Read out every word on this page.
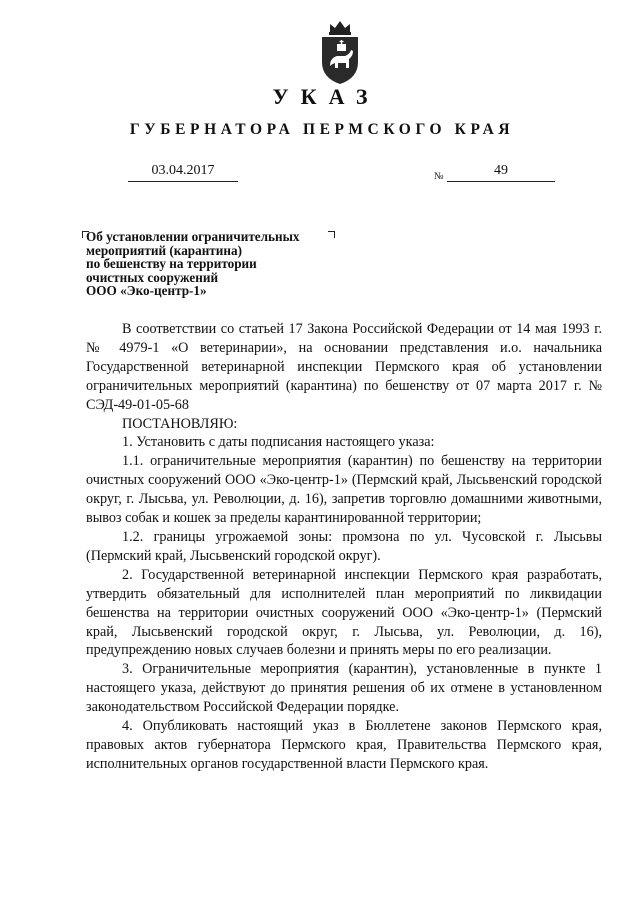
УКАЗ
ГУБЕРНАТОРА ПЕРМСКОГО КРАЯ
03.04.2017	№	49
Об установлении ограничительных
мероприятий (карантина)
по бешенству на территории
очистных сооружений
ООО «Эко-центр-1»

В соответствии со статьей 17 Закона Российской Федерации от 14 мая 1993 г. № 4979-1 «О ветеринарии», на основании представления и.о. начальника Государственной ветеринарной инспекции Пермского края об установлении ограничительных мероприятий (карантина) по бешенству от 07 марта 2017 г. № СЭД-49-01-05-68

ПОСТАНОВЛЯЮ:

1. Установить с даты подписания настоящего указа:

1.1. ограничительные мероприятия (карантин) по бешенству на территории очистных сооружений ООО «Эко-центр-1» (Пермский край, Лысьвенский городской округ, г. Лысьва, ул. Революции, д. 16), запретив торговлю домашними животными, вывоз собак и кошек за пределы карантинированной территории;

1.2. границы угрожаемой зоны: промзона по ул. Чусовской г. Лысьвы (Пермский край, Лысьвенский городской округ).

2. Государственной ветеринарной инспекции Пермского края разработать, утвердить обязательный для исполнителей план мероприятий по ликвидации бешенства на территории очистных сооружений ООО «Эко-центр-1» (Пермский край, Лысьвенский городской округ, г. Лысьва, ул. Революции, д. 16), предупреждению новых случаев болезни и принять меры по его реализации.

3. Ограничительные мероприятия (карантин), установленные в пункте 1 настоящего указа, действуют до принятия решения об их отмене в установленном законодательством Российской Федерации порядке.

4. Опубликовать настоящий указ в Бюллетене законов Пермского края, правовых актов губернатора Пермского края, Правительства Пермского края, исполнительных органов государственной власти Пермского края.
